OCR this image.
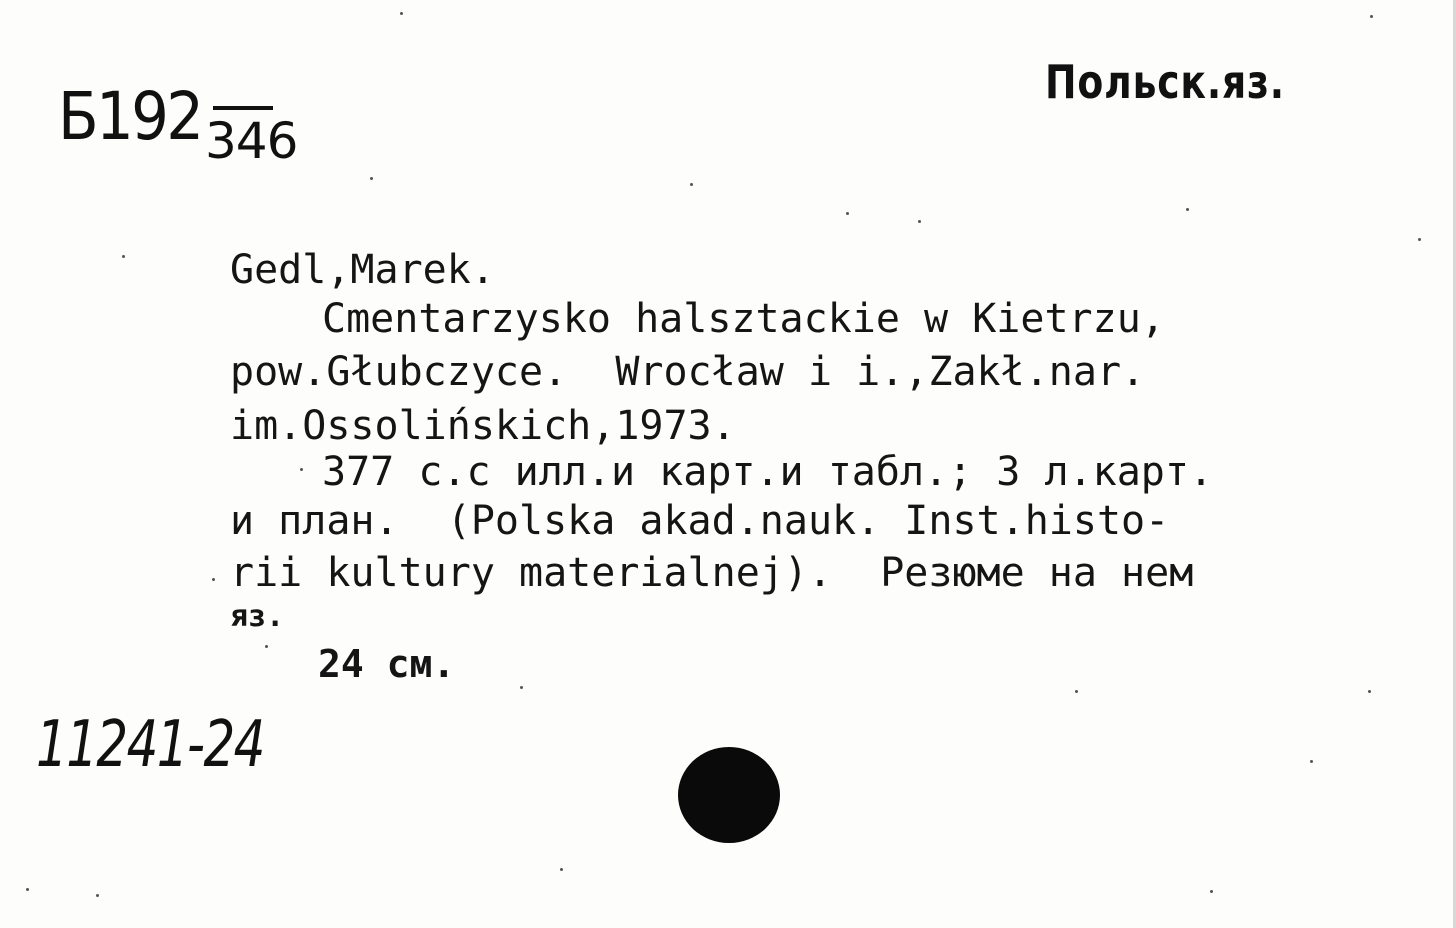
Б192 346
Польск.яз.
Gedl,Marek.
Cmentarzysko halsztackie w Kietrzu,
pow.Głubczyce.  Wrocław i i.,Zakł.nar.
im.Ossolińskich,1973.
377 c.c илл.и карт.и табл.; 3 л.карт.
и план.  (Polska akad.nauk. Inst.histo-
rii kultury materialnej).  Резюме на нем
яз.
24 см.
11241-24
